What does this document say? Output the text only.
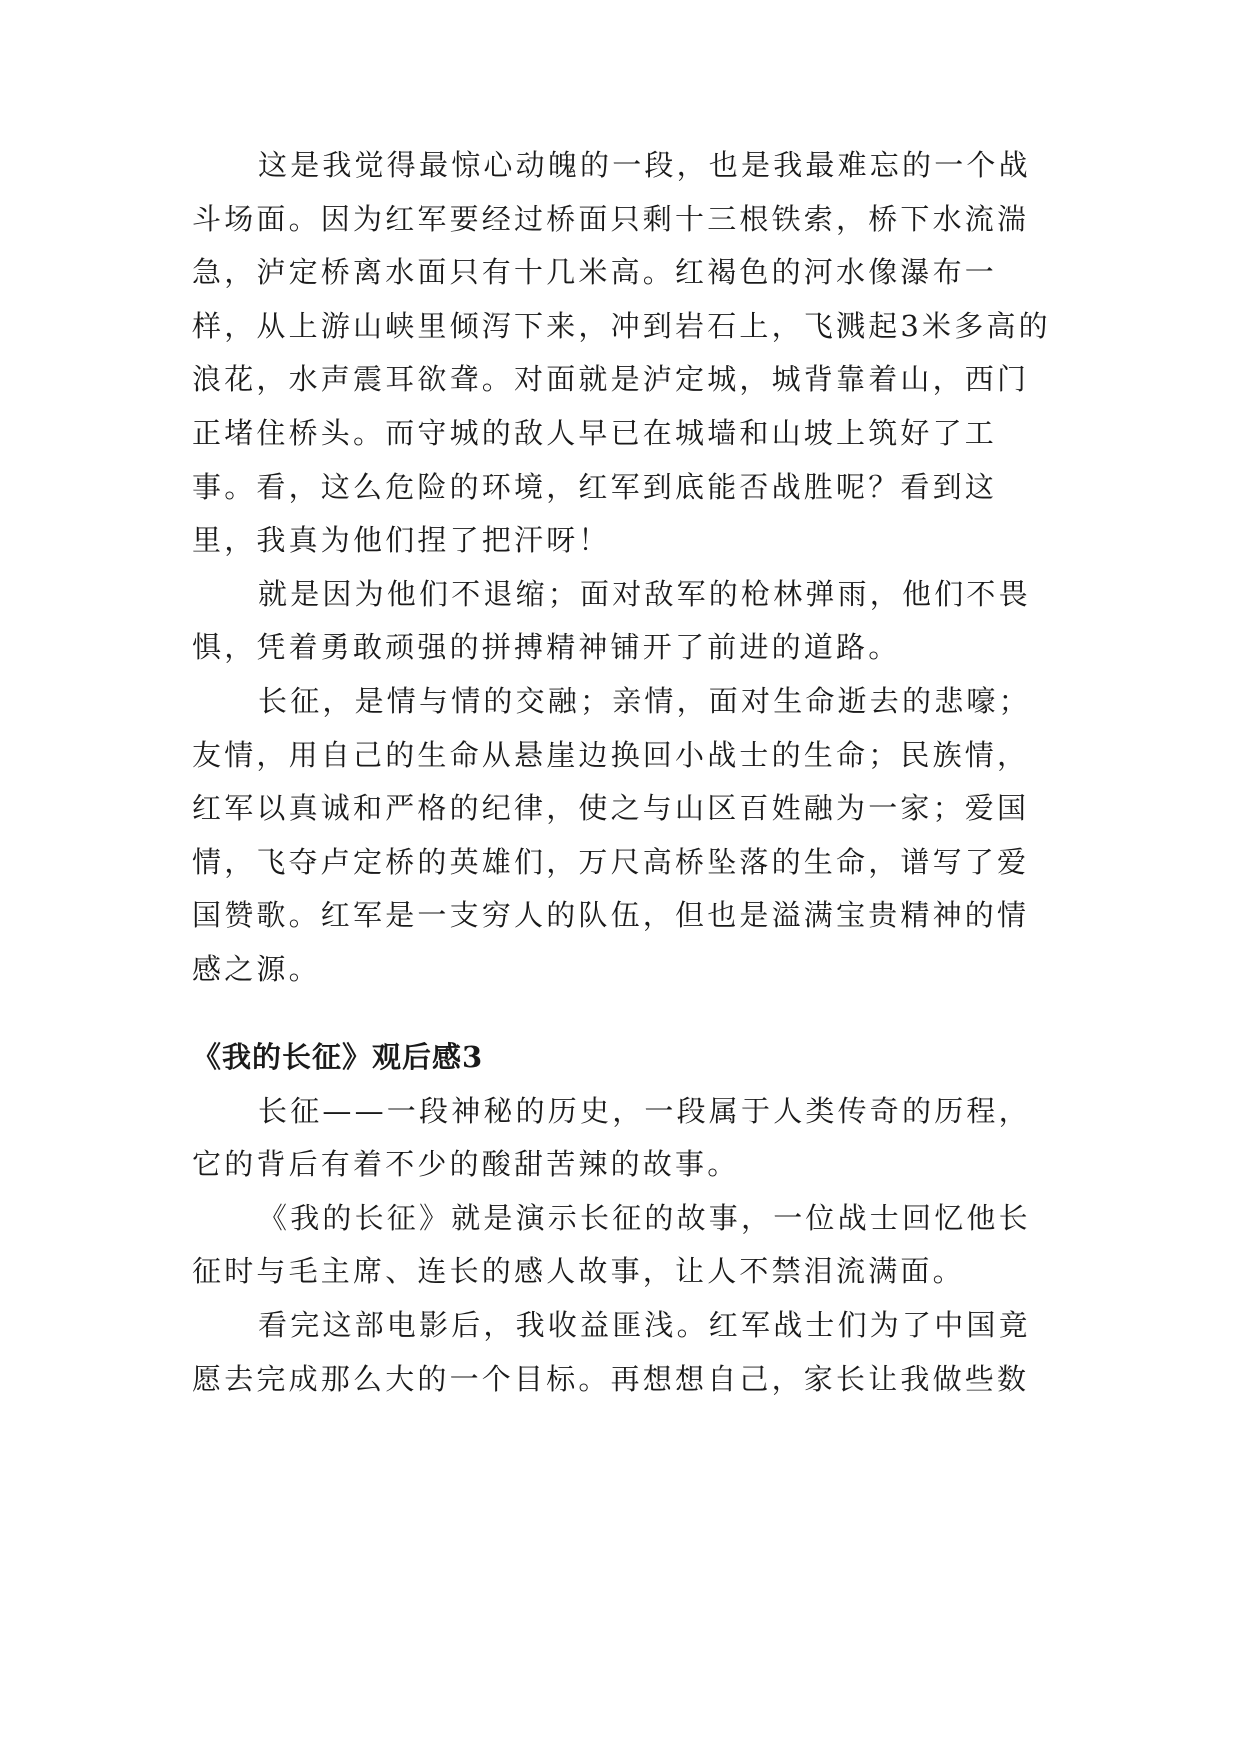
这是我觉得最惊心动魄的一段，也是我最难忘的一个战斗场面。因为红军要经过桥面只剩十三根铁索，桥下水流湍急，泸定桥离水面只有十几米高。红褐色的河水像瀑布一样，从上游山峡里倾泻下来，冲到岩石上，飞溅起3米多高的浪花，水声震耳欲聋。对面就是泸定城，城背靠着山，西门正堵住桥头。而守城的敌人早已在城墙和山坡上筑好了工事。看，这么危险的环境，红军到底能否战胜呢？看到这里，我真为他们捏了把汗呀！

就是因为他们不退缩；面对敌军的枪林弹雨，他们不畏惧，凭着勇敢顽强的拼搏精神铺开了前进的道路。

长征，是情与情的交融；亲情，面对生命逝去的悲嚎；友情，用自己的生命从悬崖边换回小战士的生命；民族情，红军以真诚和严格的纪律，使之与山区百姓融为一家；爱国情，飞夺卢定桥的英雄们，万尺高桥坠落的生命，谱写了爱国赞歌。红军是一支穷人的队伍，但也是溢满宝贵精神的情感之源。

《我的长征》观后感3

长征——一段神秘的历史，一段属于人类传奇的历程，它的背后有着不少的酸甜苦辣的故事。

《我的长征》就是演示长征的故事，一位战士回忆他长征时与毛主席、连长的感人故事，让人不禁泪流满面。

看完这部电影后，我收益匪浅。红军战士们为了中国竟愿去完成那么大的一个目标。再想想自己，家长让我做些数
